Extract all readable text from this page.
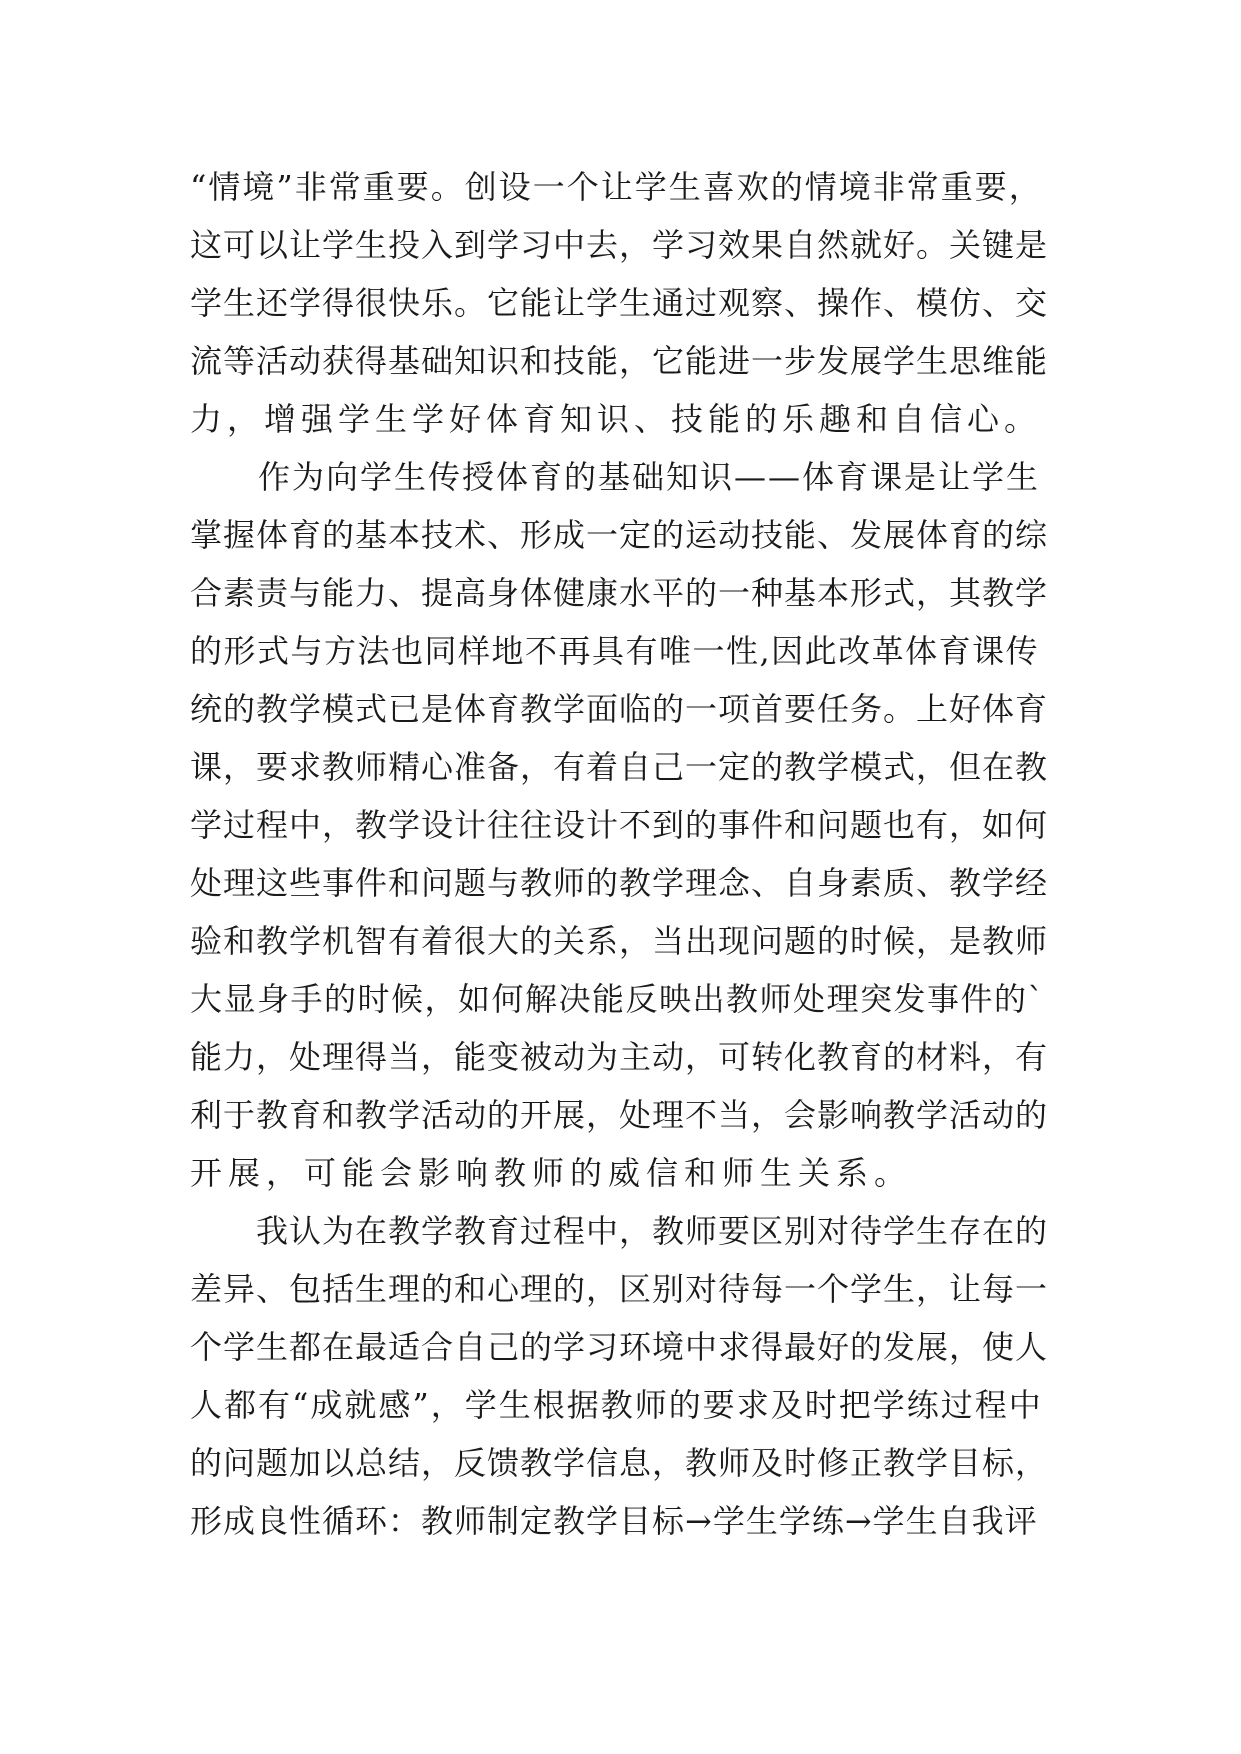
“情境”非常重要。创设一个让学生喜欢的情境非常重要，
这可以让学生投入到学习中去，学习效果自然就好。关键是
学生还学得很快乐。它能让学生通过观察、操作、模仿、交
流等活动获得基础知识和技能，它能进一步发展学生思维能
力，增强学生学好体育知识、技能的乐趣和自信心。
　　作为向学生传授体育的基础知识——体育课是让学生
掌握体育的基本技术、形成一定的运动技能、发展体育的综
合素责与能力、提高身体健康水平的一种基本形式，其教学
的形式与方法也同样地不再具有唯一性,因此改革体育课传
统的教学模式已是体育教学面临的一项首要任务。上好体育
课，要求教师精心准备，有着自己一定的教学模式，但在教
学过程中，教学设计往往设计不到的事件和问题也有，如何
处理这些事件和问题与教师的教学理念、自身素质、教学经
验和教学机智有着很大的关系，当出现问题的时候，是教师
大显身手的时候，如何解决能反映出教师处理突发事件的`
能力，处理得当，能变被动为主动，可转化教育的材料，有
利于教育和教学活动的开展，处理不当，会影响教学活动的
开展，可能会影响教师的威信和师生关系。
　　我认为在教学教育过程中，教师要区别对待学生存在的
差异、包括生理的和心理的，区别对待每一个学生，让每一
个学生都在最适合自己的学习环境中求得最好的发展，使人
人都有“成就感”，学生根据教师的要求及时把学练过程中
的问题加以总结，反馈教学信息，教师及时修正教学目标，
形成良性循环：教师制定教学目标→学生学练→学生自我评
